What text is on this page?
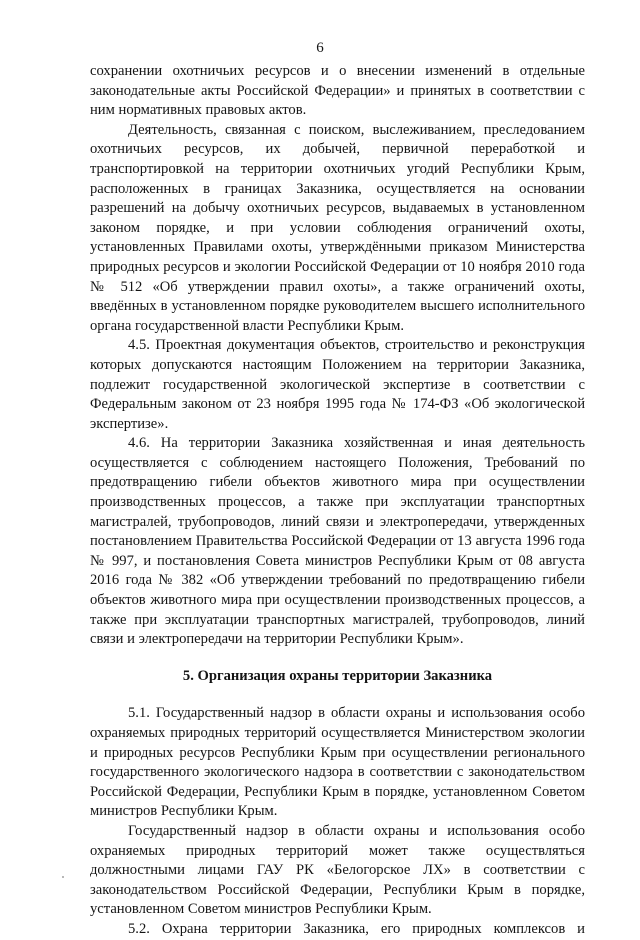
6

сохранении охотничьих ресурсов и о внесении изменений в отдельные законодательные акты Российской Федерации» и принятых в соответствии с ним нормативных правовых актов.

Деятельность, связанная с поиском, выслеживанием, преследованием охотничьих ресурсов, их добычей, первичной переработкой и транспортировкой на территории охотничьих угодий Республики Крым, расположенных в границах Заказника, осуществляется на основании разрешений на добычу охотничьих ресурсов, выдаваемых в установленном законом порядке, и при условии соблюдения ограничений охоты, установленных Правилами охоты, утверждёнными приказом Министерства природных ресурсов и экологии Российской Федерации от 10 ноября 2010 года № 512 «Об утверждении правил охоты», а также ограничений охоты, введённых в установленном порядке руководителем высшего исполнительного органа государственной власти Республики Крым.

4.5. Проектная документация объектов, строительство и реконструкция которых допускаются настоящим Положением на территории Заказника, подлежит государственной экологической экспертизе в соответствии с Федеральным законом от 23 ноября 1995 года № 174-ФЗ «Об экологической экспертизе».

4.6. На территории Заказника хозяйственная и иная деятельность осуществляется с соблюдением настоящего Положения, Требований по предотвращению гибели объектов животного мира при осуществлении производственных процессов, а также при эксплуатации транспортных магистралей, трубопроводов, линий связи и электропередачи, утвержденных постановлением Правительства Российской Федерации от 13 августа 1996 года № 997, и постановления Совета министров Республики Крым от 08 августа 2016 года № 382 «Об утверждении требований по предотвращению гибели объектов животного мира при осуществлении производственных процессов, а также при эксплуатации транспортных магистралей, трубопроводов, линий связи и электропередачи на территории Республики Крым».

5. Организация охраны территории Заказника

5.1. Государственный надзор в области охраны и использования особо охраняемых природных территорий осуществляется Министерством экологии и природных ресурсов Республики Крым при осуществлении регионального государственного экологического надзора в соответствии с законодательством Российской Федерации, Республики Крым в порядке, установленном Советом министров Республики Крым.

Государственный надзор в области охраны и использования особо охраняемых природных территорий может также осуществляться должностными лицами ГАУ РК «Белогорское ЛХ» в соответствии с законодательством Российской Федерации, Республики Крым в порядке, установленном Советом министров Республики Крым.

5.2. Охрана территории Заказника, его природных комплексов и
